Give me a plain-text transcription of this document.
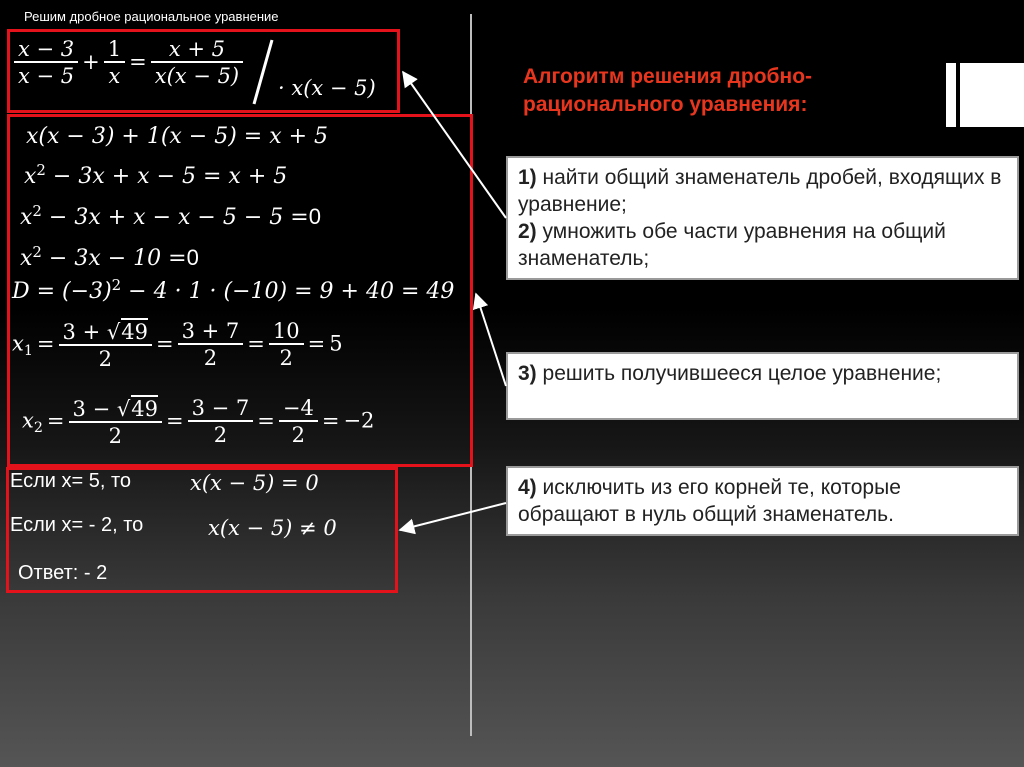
Решим дробное рациональное уравнение
$\frac{x - 3}{x - 5} + \frac{1}{x} = \frac{x + 5}{x(x - 5)} \cdot x(x - 5)$
x(x − 3) + 1(x − 5) = x + 5
$x^2 - 3x + x - 5 = x + 5$
$x^2 - 3x + x - x - 5 - 5 =0$
$x^2 - 3x - 10 =0$
$D = (-3)^2 - 4 \cdot 1 \cdot (-10) = 9 + 40 = 49$
$x_1 = \frac{3 + √49}{2} = \frac{3 + 7}{2} = \frac{10}{2} = 5$
$x_2 = \frac{3 - √49}{2} = \frac{3 - 7}{2} = \frac{-4}{2} = -2$
Если x= 5, то	x(x − 5) = 0
Если x= - 2, то	x(x − 5) ≠ 0
Ответ: - 2
Алгоритм решения дробно-рационального уравнения:
1) найти общий знаменатель дробей, входящих в уравнение;
2) умножить обе части уравнения на общий знаменатель;
3) решить получившееся целое уравнение;
4) исключить из его корней те, которые обращают в нуль общий знаменатель.
